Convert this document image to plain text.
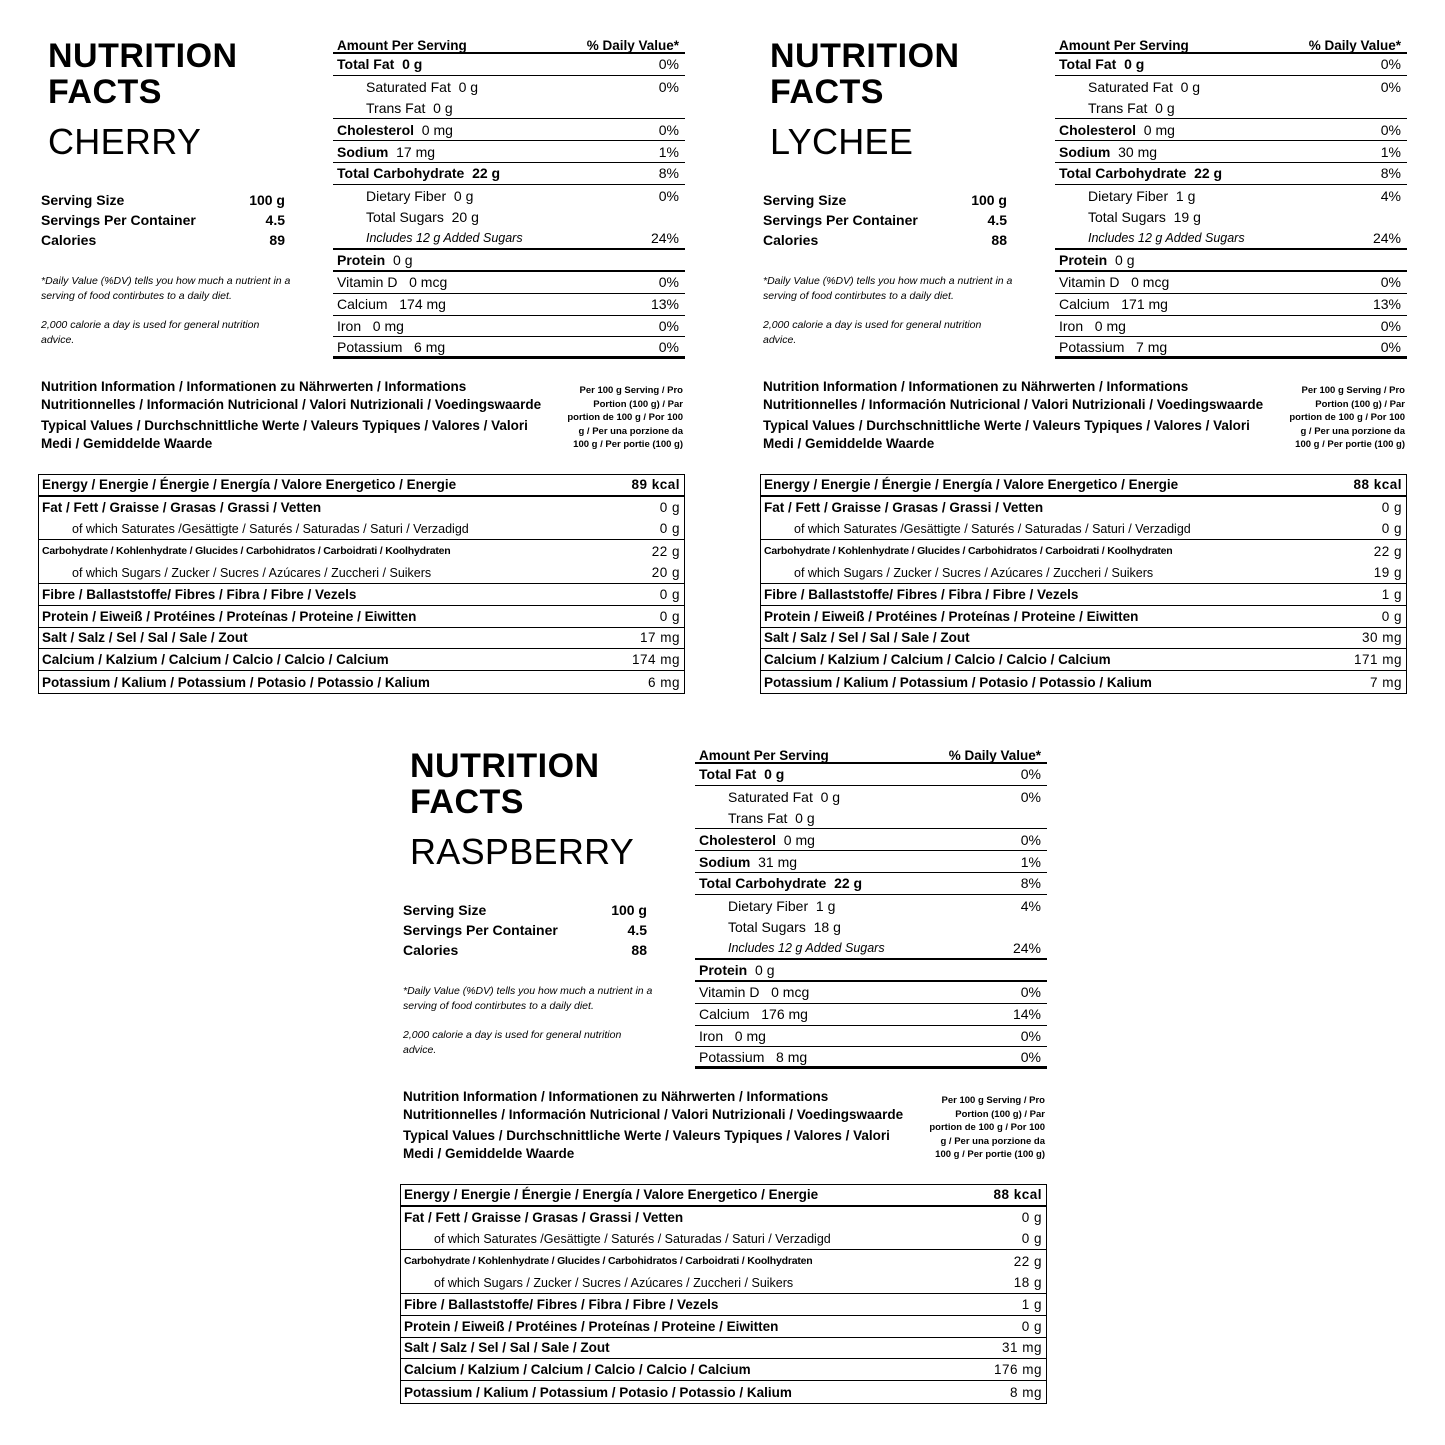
NUTRITION
FACTS
CHERRY
Serving Size	100 g
Servings Per Container	4.5
Calories	89
*Daily Value (%DV) tells you how much a nutrient in a serving of food contirbutes to a daily diet.
2,000 calorie a day is used for general nutrition advice.
Amount Per Serving	% Daily Value*
Total Fat 0 g	0%
Saturated Fat 0 g	0%
Trans Fat 0 g
Cholesterol 0 mg	0%
Sodium 17 mg	1%
Total Carbohydrate 22 g	8%
Dietary Fiber 0 g	0%
Total Sugars 20 g
Includes 12 g Added Sugars	24%
Protein 0 g
Vitamin D 0 mcg	0%
Calcium 174 mg	13%
Iron 0 mg	0%
Potassium 6 mg	0%

Nutrition Information / Informationen zu Nährwerten / Informations Nutritionnelles / Información Nutricional / Valori Nutrizionali / Voedingswaarde

Typical Values / Durchschnittliche Werte / Valeurs Typiques / Valores / Valori Medi / Gemiddelde Waarde

Per 100 g Serving / Pro Portion (100 g) / Par portion de 100 g / Por 100 g / Per una porzione da 100 g / Per portie (100 g)
Energy / Energie / Énergie / Energía / Valore Energetico / Energie	89 kcal
Fat / Fett / Graisse / Grasas / Grassi / Vetten	0 g
of which Saturates /Gesättigte / Saturés / Saturadas / Saturi / Verzadigd	0 g
Carbohydrate / Kohlenhydrate / Glucides / Carbohidratos / Carboidrati / Koolhydraten	22 g
of which Sugars / Zucker / Sucres / Azúcares / Zuccheri / Suikers	20 g
Fibre / Ballaststoffe/ Fibres / Fibra / Fibre / Vezels	0 g
Protein / Eiweiß / Protéines / Proteínas / Proteine / Eiwitten	0 g
Salt / Salz / Sel / Sal / Sale / Zout	17 mg
Calcium / Kalzium / Calcium / Calcio / Calcio / Calcium	174 mg
Potassium / Kalium / Potassium / Potasio / Potassio / Kalium	6 mg
NUTRITION
FACTS
LYCHEE
Serving Size	100 g
Servings Per Container	4.5
Calories	88
*Daily Value (%DV) tells you how much a nutrient in a serving of food contirbutes to a daily diet.
2,000 calorie a day is used for general nutrition advice.
Amount Per Serving	% Daily Value*
Total Fat 0 g	0%
Saturated Fat 0 g	0%
Trans Fat 0 g
Cholesterol 0 mg	0%
Sodium 30 mg	1%
Total Carbohydrate 22 g	8%
Dietary Fiber 1 g	4%
Total Sugars 19 g
Includes 12 g Added Sugars	24%
Protein 0 g
Vitamin D 0 mcg	0%
Calcium 171 mg	13%
Iron 0 mg	0%
Potassium 7 mg	0%

Nutrition Information / Informationen zu Nährwerten / Informations Nutritionnelles / Información Nutricional / Valori Nutrizionali / Voedingswaarde

Typical Values / Durchschnittliche Werte / Valeurs Typiques / Valores / Valori Medi / Gemiddelde Waarde

Per 100 g Serving / Pro Portion (100 g) / Par portion de 100 g / Por 100 g / Per una porzione da 100 g / Per portie (100 g)
Energy / Energie / Énergie / Energía / Valore Energetico / Energie	88 kcal
Fat / Fett / Graisse / Grasas / Grassi / Vetten	0 g
of which Saturates /Gesättigte / Saturés / Saturadas / Saturi / Verzadigd	0 g
Carbohydrate / Kohlenhydrate / Glucides / Carbohidratos / Carboidrati / Koolhydraten	22 g
of which Sugars / Zucker / Sucres / Azúcares / Zuccheri / Suikers	19 g
Fibre / Ballaststoffe/ Fibres / Fibra / Fibre / Vezels	1 g
Protein / Eiweiß / Protéines / Proteínas / Proteine / Eiwitten	0 g
Salt / Salz / Sel / Sal / Sale / Zout	30 mg
Calcium / Kalzium / Calcium / Calcio / Calcio / Calcium	171 mg
Potassium / Kalium / Potassium / Potasio / Potassio / Kalium	7 mg
NUTRITION
FACTS
RASPBERRY
Serving Size	100 g
Servings Per Container	4.5
Calories	88
*Daily Value (%DV) tells you how much a nutrient in a serving of food contirbutes to a daily diet.
2,000 calorie a day is used for general nutrition advice.
Amount Per Serving	% Daily Value*
Total Fat 0 g	0%
Saturated Fat 0 g	0%
Trans Fat 0 g
Cholesterol 0 mg	0%
Sodium 31 mg	1%
Total Carbohydrate 22 g	8%
Dietary Fiber 1 g	4%
Total Sugars 18 g
Includes 12 g Added Sugars	24%
Protein 0 g
Vitamin D 0 mcg	0%
Calcium 176 mg	14%
Iron 0 mg	0%
Potassium 8 mg	0%

Nutrition Information / Informationen zu Nährwerten / Informations Nutritionnelles / Información Nutricional / Valori Nutrizionali / Voedingswaarde

Typical Values / Durchschnittliche Werte / Valeurs Typiques / Valores / Valori Medi / Gemiddelde Waarde

Per 100 g Serving / Pro Portion (100 g) / Par portion de 100 g / Por 100 g / Per una porzione da 100 g / Per portie (100 g)
Energy / Energie / Énergie / Energía / Valore Energetico / Energie	88 kcal
Fat / Fett / Graisse / Grasas / Grassi / Vetten	0 g
of which Saturates /Gesättigte / Saturés / Saturadas / Saturi / Verzadigd	0 g
Carbohydrate / Kohlenhydrate / Glucides / Carbohidratos / Carboidrati / Koolhydraten	22 g
of which Sugars / Zucker / Sucres / Azúcares / Zuccheri / Suikers	18 g
Fibre / Ballaststoffe/ Fibres / Fibra / Fibre / Vezels	1 g
Protein / Eiweiß / Protéines / Proteínas / Proteine / Eiwitten	0 g
Salt / Salz / Sel / Sal / Sale / Zout	31 mg
Calcium / Kalzium / Calcium / Calcio / Calcio / Calcium	176 mg
Potassium / Kalium / Potassium / Potasio / Potassio / Kalium	8 mg
